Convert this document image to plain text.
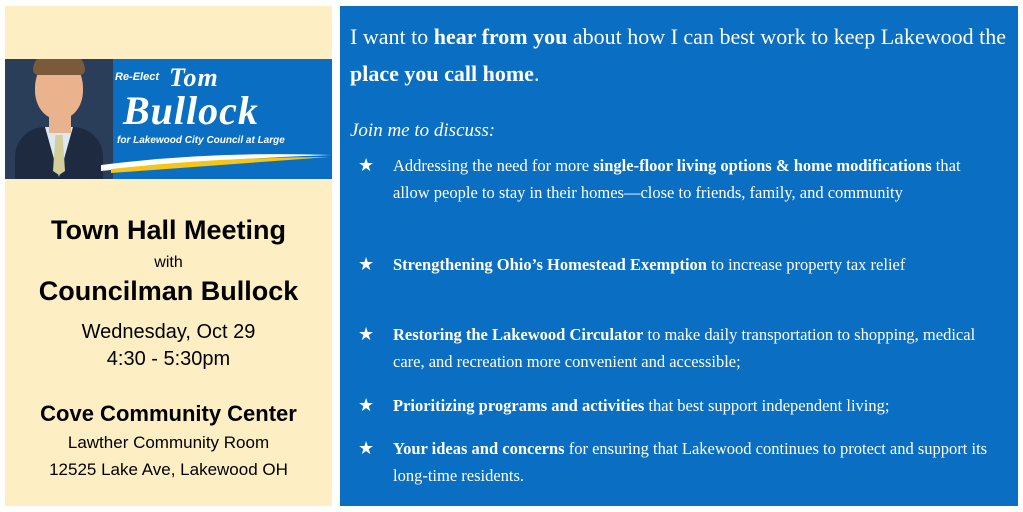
Re-Elect Tom
Bullock
for Lakewood City Council at Large
Town Hall Meeting
with
Councilman Bullock
Wednesday, Oct 29
4:30 - 5:30pm
Cove Community Center
Lawther Community Room
12525 Lake Ave, Lakewood OH
I want to hear from you about how I can best work to keep Lakewood the place you call home.
Join me to discuss:
★ Addressing the need for more single-floor living options & home modifications that allow people to stay in their homes—close to friends, family, and community
★ Strengthening Ohio’s Homestead Exemption to increase property tax relief
★ Restoring the Lakewood Circulator to make daily transportation to shopping, medical care, and recreation more convenient and accessible;
★ Prioritizing programs and activities that best support independent living;
★ Your ideas and concerns for ensuring that Lakewood continues to protect and support its long-time residents.
